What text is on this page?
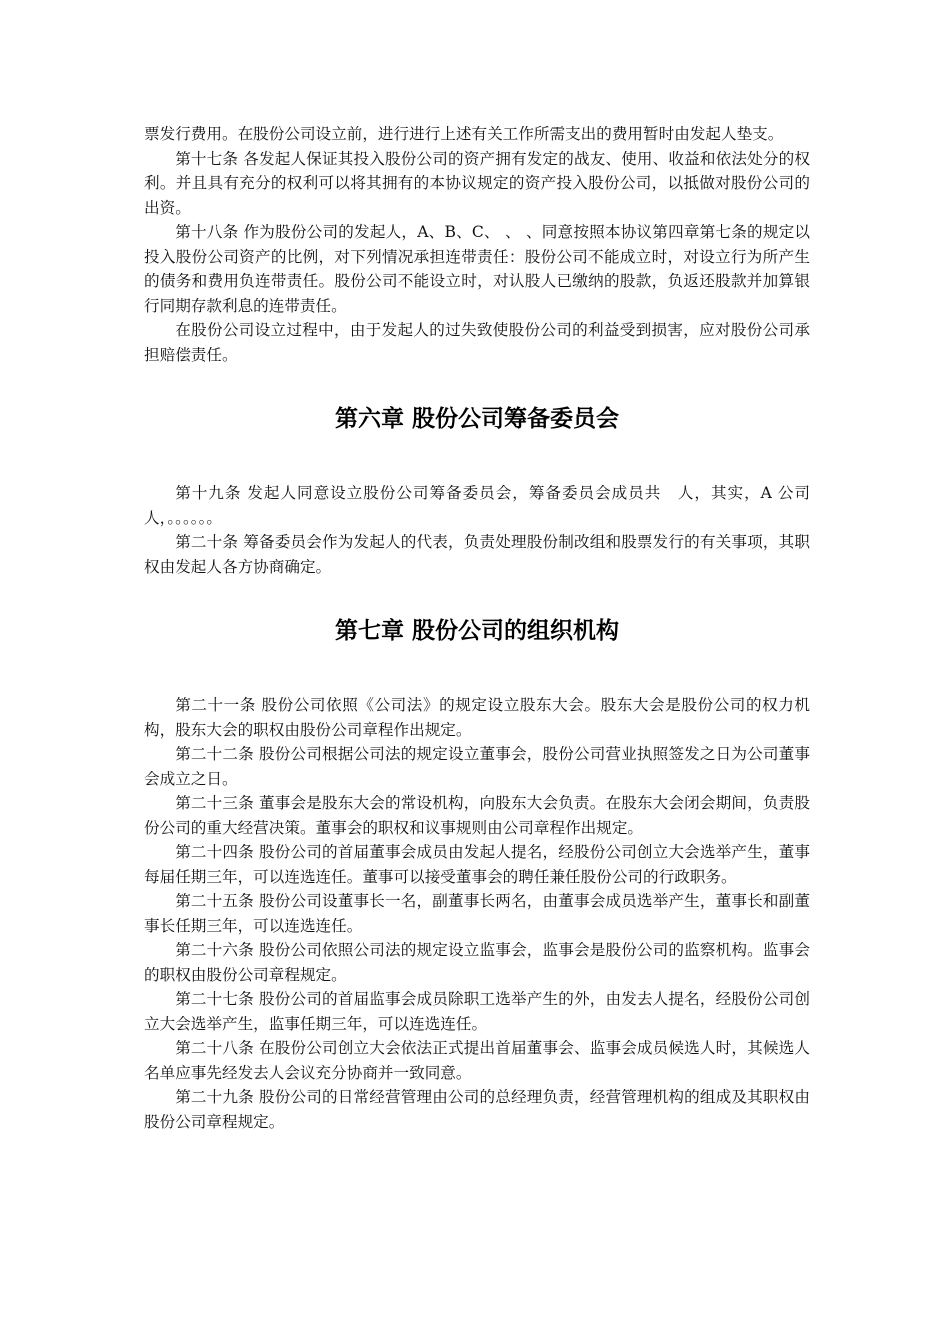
票发行费用。在股份公司设立前，进行进行上述有关工作所需支出的费用暂时由发起人垫支。

第十七条 各发起人保证其投入股份公司的资产拥有发定的战友、使用、收益和依法处分的权利。并且具有充分的权利可以将其拥有的本协议规定的资产投入股份公司，以抵做对股份公司的出资。

第十八条 作为股份公司的发起人，A、B、C、 、 、同意按照本协议第四章第七条的规定以投入股份公司资产的比例，对下列情况承担连带责任：股份公司不能成立时，对设立行为所产生的债务和费用负连带责任。股份公司不能设立时，对认股人已缴纳的股款，负返还股款并加算银行同期存款利息的连带责任。

在股份公司设立过程中，由于发起人的过失致使股份公司的利益受到损害，应对股份公司承担赔偿责任。

第六章 股份公司筹备委员会

第十九条 发起人同意设立股份公司筹备委员会，筹备委员会成员共　人，其实，A 公司　人，。。。。。。

第二十条 筹备委员会作为发起人的代表，负责处理股份制改组和股票发行的有关事项，其职权由发起人各方协商确定。

第七章 股份公司的组织机构

第二十一条 股份公司依照《公司法》的规定设立股东大会。股东大会是股份公司的权力机构，股东大会的职权由股份公司章程作出规定。

第二十二条 股份公司根据公司法的规定设立董事会，股份公司营业执照签发之日为公司董事会成立之日。

第二十三条 董事会是股东大会的常设机构，向股东大会负责。在股东大会闭会期间，负责股份公司的重大经营决策。董事会的职权和议事规则由公司章程作出规定。

第二十四条 股份公司的首届董事会成员由发起人提名，经股份公司创立大会选举产生，董事每届任期三年，可以连选连任。董事可以接受董事会的聘任兼任股份公司的行政职务。

第二十五条 股份公司设董事长一名，副董事长两名，由董事会成员选举产生，董事长和副董事长任期三年，可以连选连任。

第二十六条 股份公司依照公司法的规定设立监事会，监事会是股份公司的监察机构。监事会的职权由股份公司章程规定。

第二十七条 股份公司的首届监事会成员除职工选举产生的外，由发去人提名，经股份公司创立大会选举产生，监事任期三年，可以连选连任。

第二十八条 在股份公司创立大会依法正式提出首届董事会、监事会成员候选人时，其候选人名单应事先经发去人会议充分协商并一致同意。

第二十九条 股份公司的日常经营管理由公司的总经理负责，经营管理机构的组成及其职权由股份公司章程规定。
